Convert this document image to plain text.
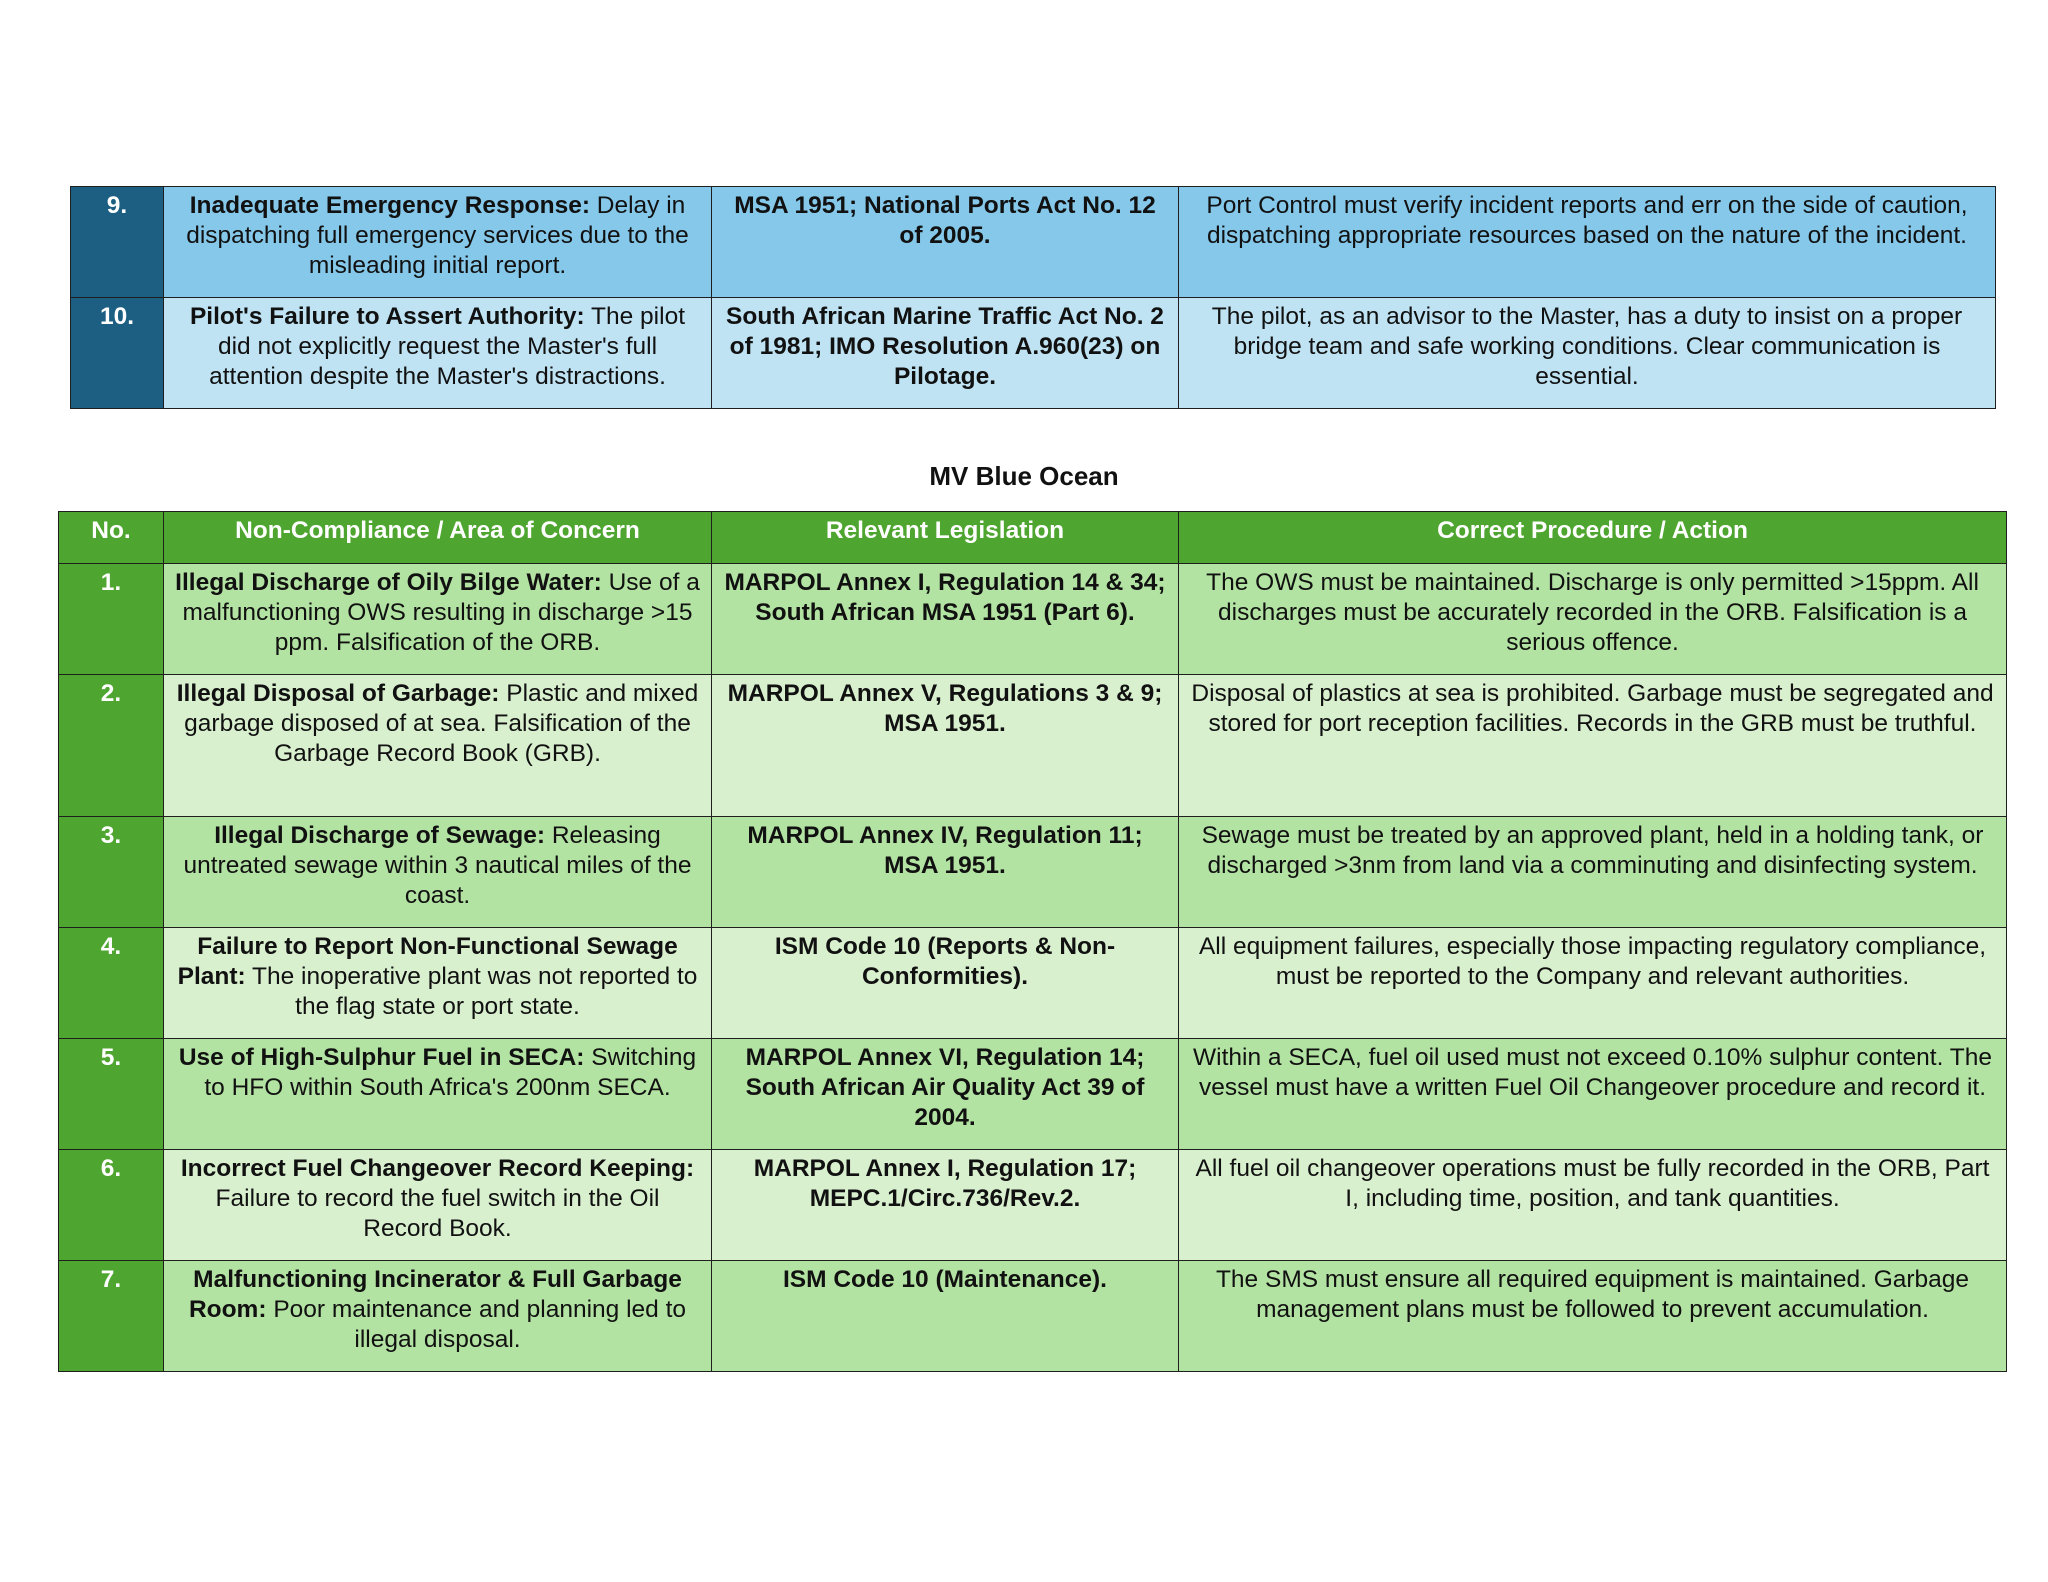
9.	Inadequate Emergency Response: Delay in dispatching full emergency services due to the misleading initial report.	MSA 1951; National Ports Act No. 12 of 2005.	Port Control must verify incident reports and err on the side of caution, dispatching appropriate resources based on the nature of the incident.
10.	Pilot's Failure to Assert Authority: The pilot did not explicitly request the Master's full attention despite the Master's distractions.	South African Marine Traffic Act No. 2 of 1981; IMO Resolution A.960(23) on Pilotage.	The pilot, as an advisor to the Master, has a duty to insist on a proper bridge team and safe working conditions. Clear communication is essential.
MV Blue Ocean
No.	Non-Compliance / Area of Concern	Relevant Legislation	Correct Procedure / Action
1.	Illegal Discharge of Oily Bilge Water: Use of a malfunctioning OWS resulting in discharge >15 ppm. Falsification of the ORB.	MARPOL Annex I, Regulation 14 & 34; South African MSA 1951 (Part 6).	The OWS must be maintained. Discharge is only permitted >15ppm. All discharges must be accurately recorded in the ORB. Falsification is a serious offence.
2.	Illegal Disposal of Garbage: Plastic and mixed garbage disposed of at sea. Falsification of the Garbage Record Book (GRB).	MARPOL Annex V, Regulations 3 & 9; MSA 1951.	Disposal of plastics at sea is prohibited. Garbage must be segregated and stored for port reception facilities. Records in the GRB must be truthful.
3.	Illegal Discharge of Sewage: Releasing untreated sewage within 3 nautical miles of the coast.	MARPOL Annex IV, Regulation 11; MSA 1951.	Sewage must be treated by an approved plant, held in a holding tank, or discharged >3nm from land via a comminuting and disinfecting system.
4.	Failure to Report Non-Functional Sewage Plant: The inoperative plant was not reported to the flag state or port state.	ISM Code 10 (Reports & Non-Conformities).	All equipment failures, especially those impacting regulatory compliance, must be reported to the Company and relevant authorities.
5.	Use of High-Sulphur Fuel in SECA: Switching to HFO within South Africa's 200nm SECA.	MARPOL Annex VI, Regulation 14; South African Air Quality Act 39 of 2004.	Within a SECA, fuel oil used must not exceed 0.10% sulphur content. The vessel must have a written Fuel Oil Changeover procedure and record it.
6.	Incorrect Fuel Changeover Record Keeping: Failure to record the fuel switch in the Oil Record Book.	MARPOL Annex I, Regulation 17; MEPC.1/Circ.736/Rev.2.	All fuel oil changeover operations must be fully recorded in the ORB, Part I, including time, position, and tank quantities.
7.	Malfunctioning Incinerator & Full Garbage Room: Poor maintenance and planning led to illegal disposal.	ISM Code 10 (Maintenance).	The SMS must ensure all required equipment is maintained. Garbage management plans must be followed to prevent accumulation.
